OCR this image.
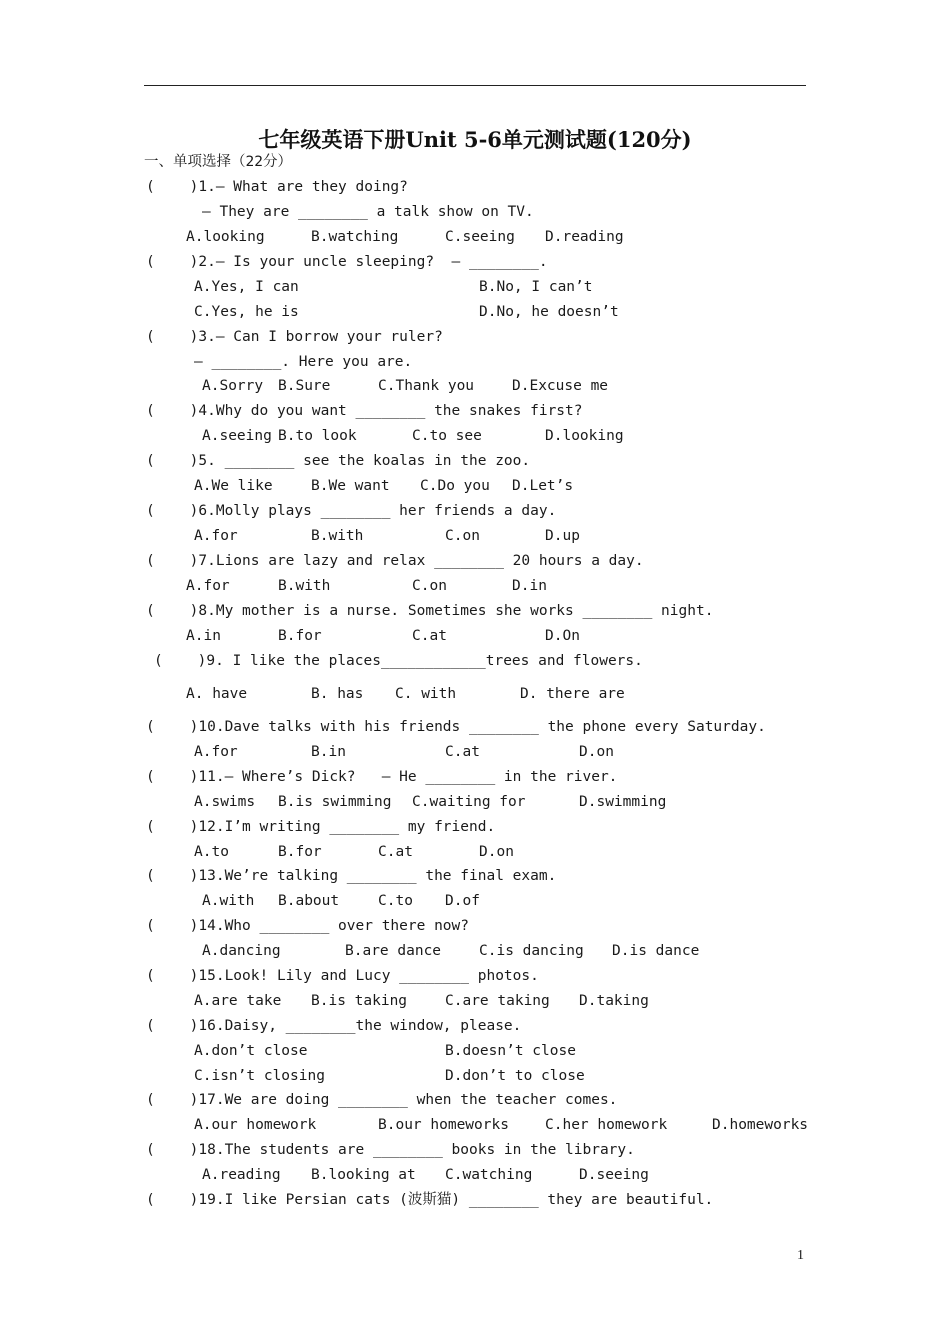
七年级英语下册Unit 5-6单元测试题(120分)
一、单项选择（22分）
(    )1.— What are they doing?
— They are ________ a talk show on TV.
A.looking	B.watching	C.seeing D.reading
(    )2.— Is your uncle sleeping?  — ________.
A.Yes, I can	B.No, I can’t
C.Yes, he is	D.No, he doesn’t
(    )3.— Can I borrow your ruler?
— ________. Here you are.
A.Sorry B.Sure	C.Thank you	D.Excuse me
(    )4.Why do you want ________ the snakes first?
A.seeing B.to look	C.to see	D.looking
(    )5. ________ see the koalas in the zoo.
A.We like	B.We want C.Do you D.Let’s
(    )6.Molly plays ________ her friends a day.
A.for	B.with	C.on	D.up
(    )7.Lions are lazy and relax ________ 20 hours a day.
A.for	B.with	C.on	D.in
(    )8.My mother is a nurse. Sometimes she works ________ night.
A.in	B.for	C.at	D.On
(    )9. I like the places____________trees and flowers.
A. have	B. has C. with	D. there are
(    )10.Dave talks with his friends ________ the phone every Saturday.
A.for	B.in	C.at	D.on
(    )11.— Where’s Dick?   — He ________ in the river.
A.swims B.is swimming C.waiting for	D.swimming
(    )12.I’m writing ________ my friend.
A.to	B.for	C.at	D.on
(    )13.We’re talking ________ the final exam.
A.with B.about	C.to D.of
(    )14.Who ________ over there now?
A.dancing	B.are dance	C.is dancing D.is dance
(    )15.Look! Lily and Lucy ________ photos.
A.are take B.is taking	C.are taking D.taking
(    )16.Daisy, ________the window, please.
A.don’t close	B.doesn’t close
C.isn’t closing	D.don’t to close
(    )17.We are doing ________ when the teacher comes.
A.our homework	B.our homeworks C.her homework	D.homeworks
(    )18.The students are ________ books in the library.
A.reading B.looking at C.watching	D.seeing
(    )19.I like Persian cats (波斯猫) ________ they are beautiful.
1
